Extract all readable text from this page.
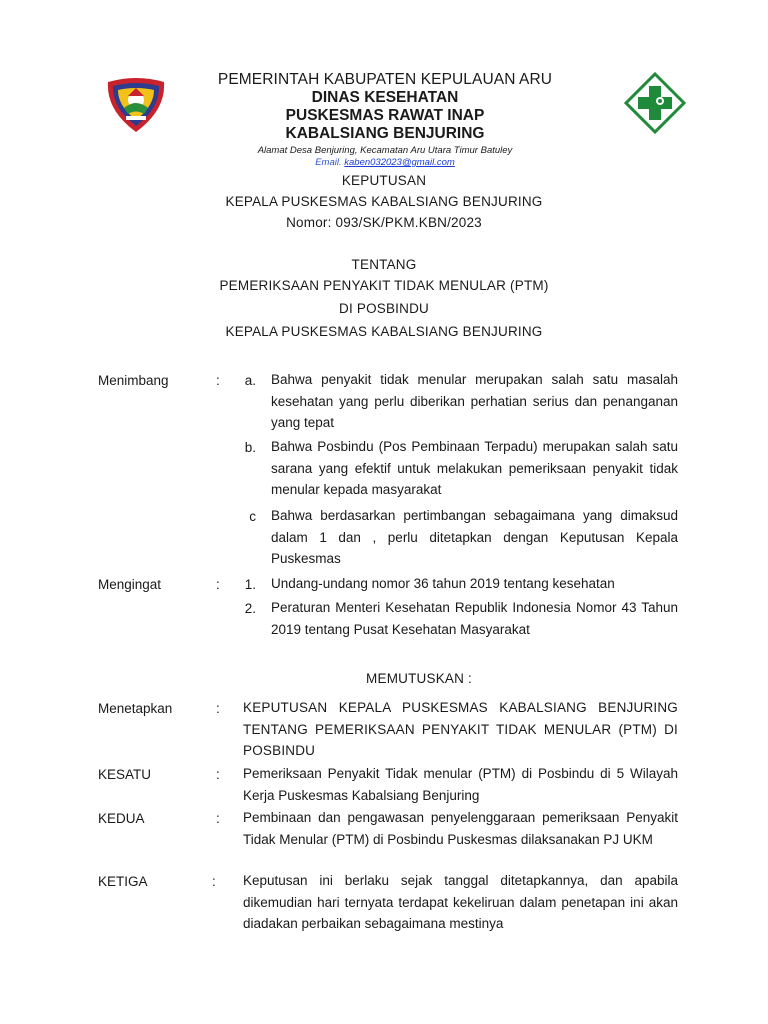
PEMERINTAH KABUPATEN KEPULAUAN ARU
DINAS KESEHATAN
PUSKESMAS RAWAT INAP
KABALSIANG BENJURING
Alamat Desa Benjuring, Kecamatan Aru Utara Timur Batuley
Email. kaben032023@gmail.com
KEPUTUSAN
KEPALA PUSKESMAS KABALSIANG BENJURING
Nomor: 093/SK/PKM.KBN/2023
TENTANG
PEMERIKSAAN PENYAKIT TIDAK MENULAR (PTM)
DI POSBINDU
KEPALA PUSKESMAS KABALSIANG BENJURING
Menimbang	:	a. Bahwa penyakit tidak menular merupakan salah satu masalah kesehatan yang perlu diberikan perhatian serius dan penanganan yang tepat
b. Bahwa Posbindu (Pos Pembinaan Terpadu) merupakan salah satu sarana yang efektif untuk melakukan pemeriksaan penyakit tidak menular kepada masyarakat
c Bahwa berdasarkan pertimbangan sebagaimana yang dimaksud dalam 1 dan , perlu ditetapkan dengan Keputusan Kepala Puskesmas
Mengingat	:	1. Undang-undang nomor 36 tahun 2019 tentang kesehatan
2. Peraturan Menteri Kesehatan Republik Indonesia Nomor 43 Tahun 2019 tentang Pusat Kesehatan Masyarakat
MEMUTUSKAN :
Menetapkan	: KEPUTUSAN KEPALA PUSKESMAS KABALSIANG BENJURING TENTANG PEMERIKSAAN PENYAKIT TIDAK MENULAR (PTM) DI POSBINDU
KESATU	: Pemeriksaan Penyakit Tidak menular (PTM) di Posbindu di 5 Wilayah Kerja Puskesmas Kabalsiang Benjuring
KEDUA	: Pembinaan dan pengawasan penyelenggaraan pemeriksaan Penyakit Tidak Menular (PTM) di Posbindu Puskesmas dilaksanakan PJ UKM
KETIGA	: Keputusan ini berlaku sejak tanggal ditetapkannya, dan apabila dikemudian hari ternyata terdapat kekeliruan dalam penetapan ini akan diadakan perbaikan sebagaimana mestinya
